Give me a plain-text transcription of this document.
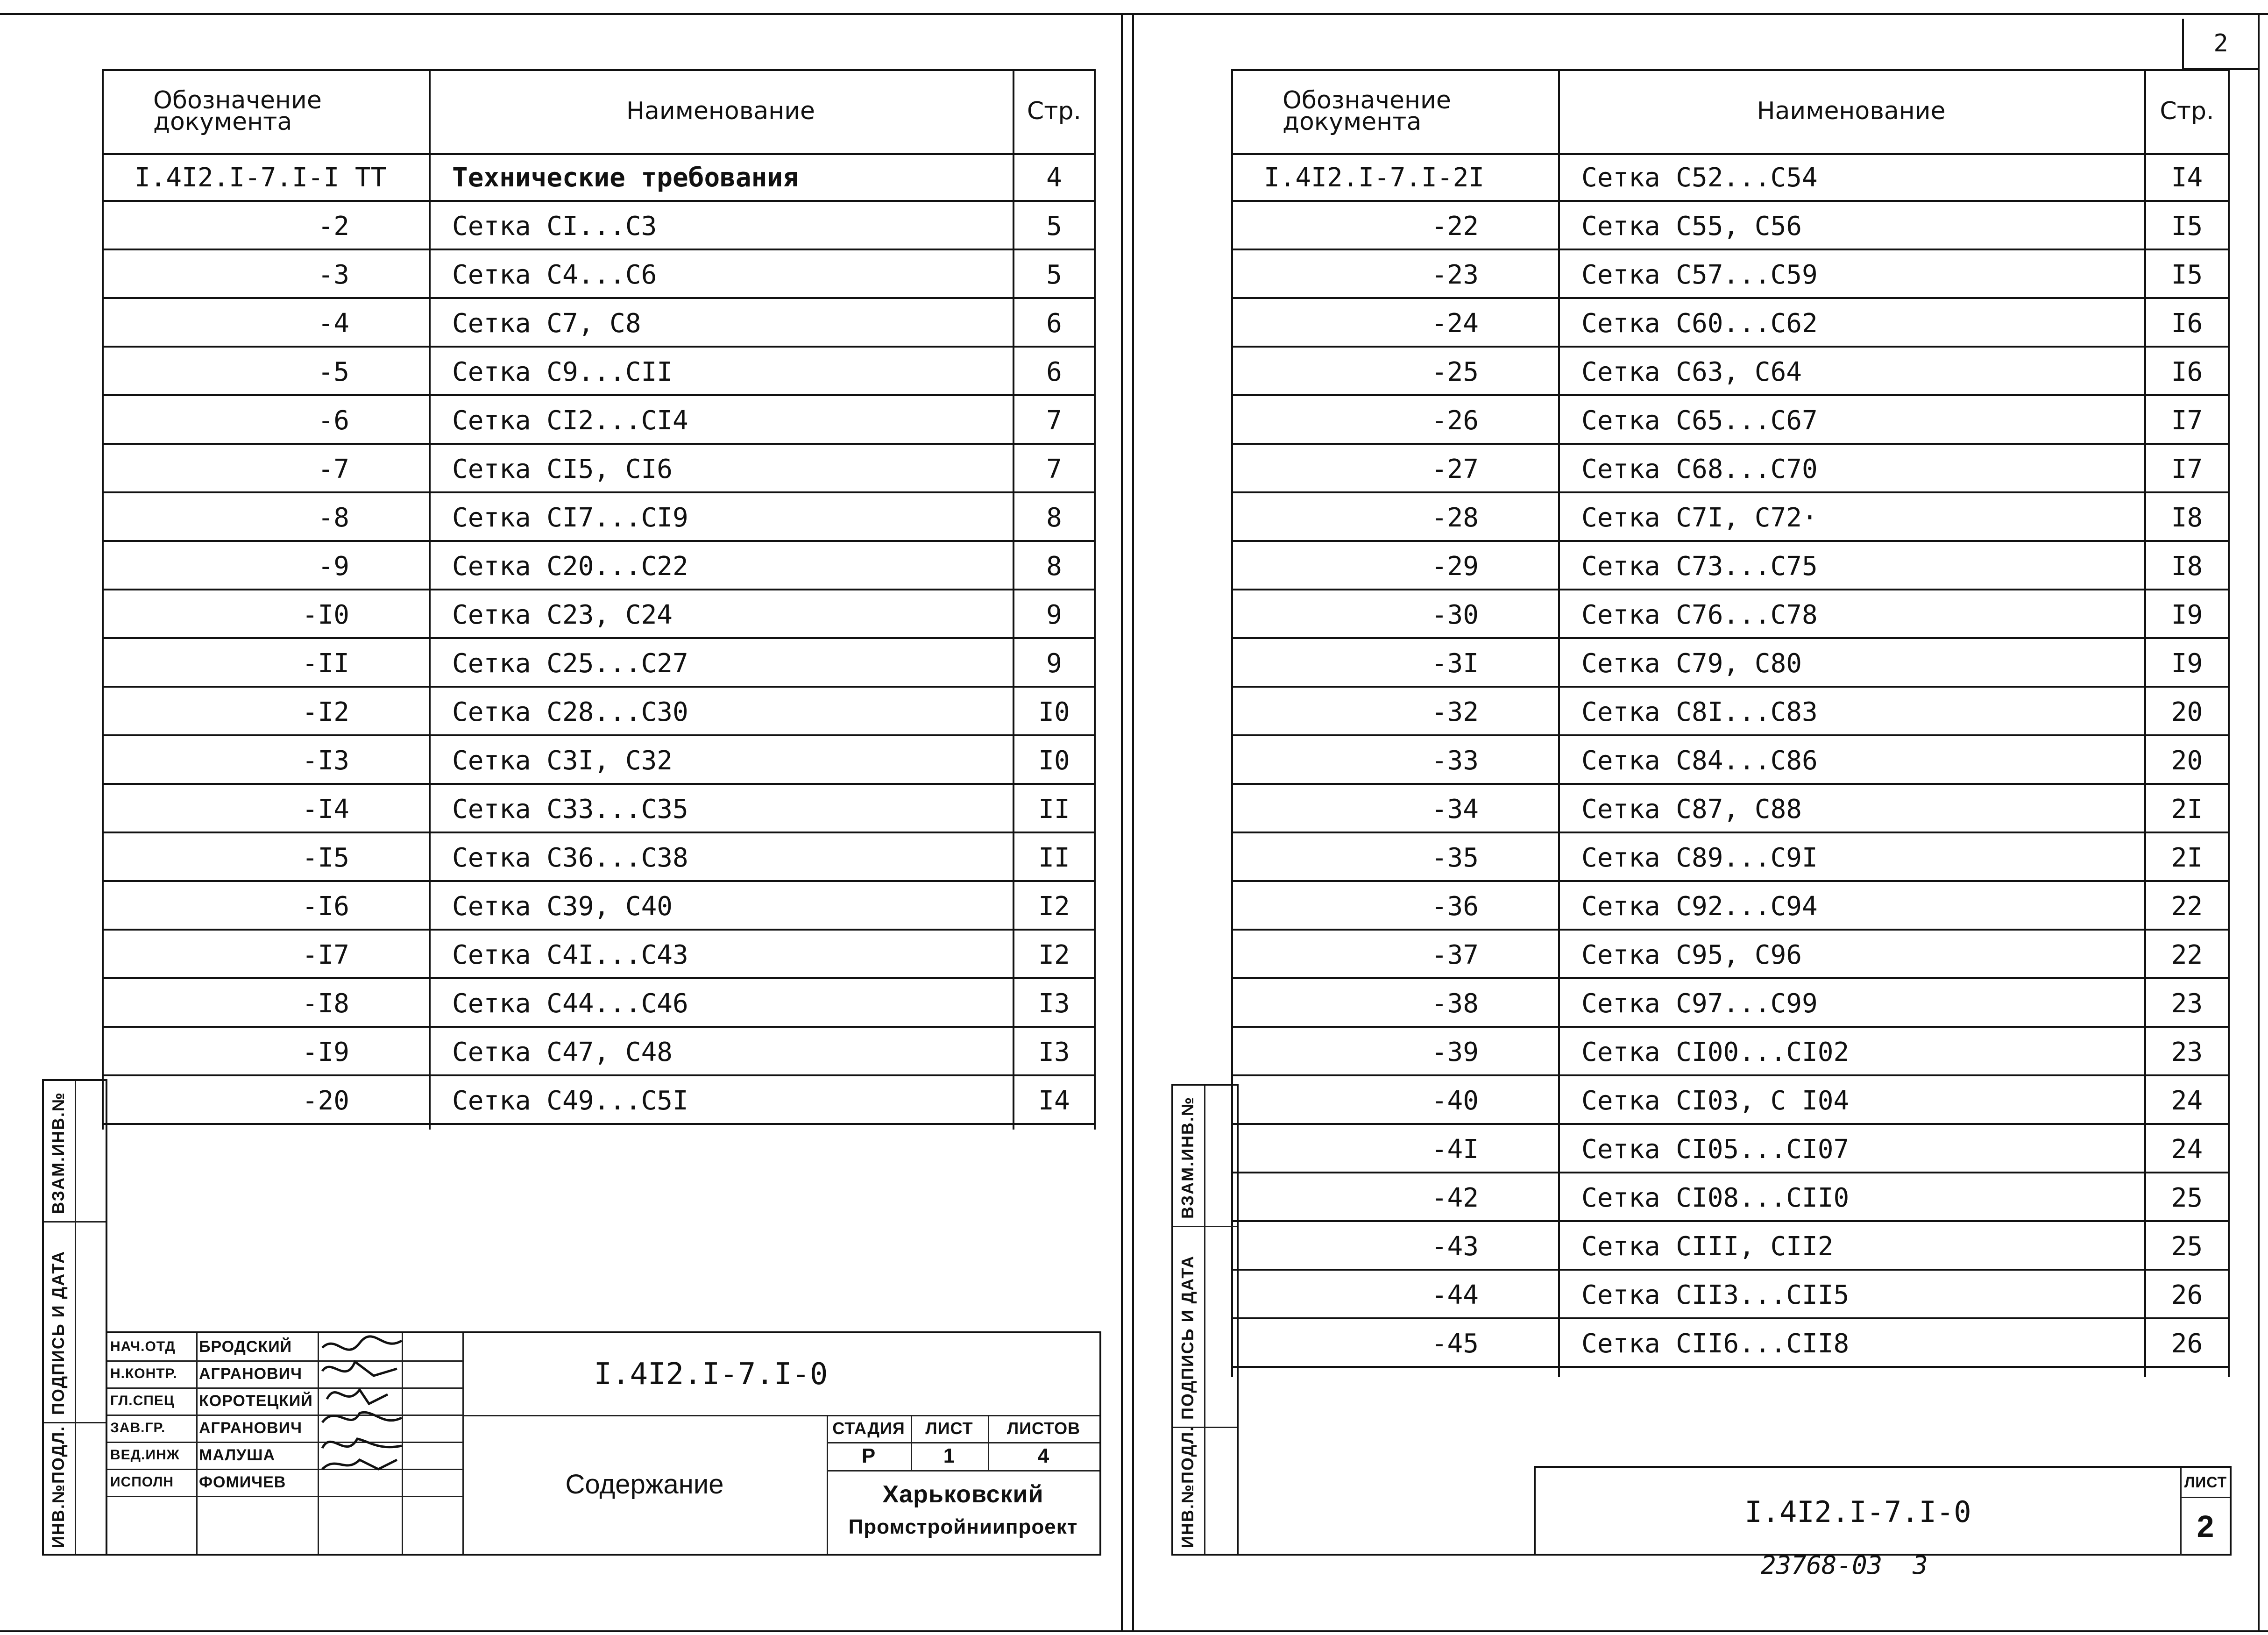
2
Обозначение
документа	Наименование	Стр.
I.4I2.I-7.I-I TT	Технические требования	4
-2	Сетка CI...C3	5
-3	Сетка C4...C6	5
-4	Сетка C7, C8	6
-5	Сетка C9...CII	6
-6	Сетка CI2...CI4	7
-7	Сетка CI5, CI6	7
-8	Сетка CI7...CI9	8
-9	Сетка C20...C22	8
-I0	Сетка C23, C24	9
-II	Сетка C25...C27	9
-I2	Сетка C28...C30	I0
-I3	Сетка C3I, C32	I0
-I4	Сетка C33...C35	II
-I5	Сетка C36...C38	II
-I6	Сетка C39, C40	I2
-I7	Сетка C4I...C43	I2
-I8	Сетка C44...C46	I3
-I9	Сетка C47, C48	I3
-20	Сетка C49...C5I	I4
ВЗАМ.ИНВ.№
ПОДПИСЬ И ДАТА
ИНВ.№ПОДЛ.
I.4I2.I-7.I-0
Содержание
НАЧ.ОТД	БРОДСКИЙ
Н.КОНТР.	АГРАНОВИЧ
ГЛ.СПЕЦ	КОРОТЕЦКИЙ
ЗАВ.ГР.	АГРАНОВИЧ
ВЕД.ИНЖ	МАЛУША
ИСПОЛН	ФОМИЧЕВ
СТАДИЯ	ЛИСТ	ЛИСТОВ
Р	1	4
Харьковский
Промстройниипроект
Обозначение
документа	Наименование	Стр.
I.4I2.I-7.I-2I	Сетка C52...C54	I4
-22	Сетка C55, C56	I5
-23	Сетка C57...C59	I5
-24	Сетка C60...C62	I6
-25	Сетка C63, C64	I6
-26	Сетка C65...C67	I7
-27	Сетка C68...C70	I7
-28	Сетка C7I, C72·	I8
-29	Сетка C73...C75	I8
-30	Сетка C76...C78	I9
-3I	Сетка C79, C80	I9
-32	Сетка C8I...C83	20
-33	Сетка C84...C86	20
-34	Сетка C87, C88	2I
-35	Сетка C89...C9I	2I
-36	Сетка C92...C94	22
-37	Сетка C95, C96	22
-38	Сетка C97...C99	23
-39	Сетка CI00...CI02	23
-40	Сетка CI03, C I04	24
-4I	Сетка CI05...CI07	24
-42	Сетка CI08...CII0	25
-43	Сетка CIII, CII2	25
-44	Сетка CII3...CII5	26
-45	Сетка CII6...CII8	26
ВЗАМ.ИНВ.№
ПОДПИСЬ И ДАТА
ИНВ.№ПОДЛ.	I.4I2.I-7.I-0
ЛИСТ
2
23768-03  3
